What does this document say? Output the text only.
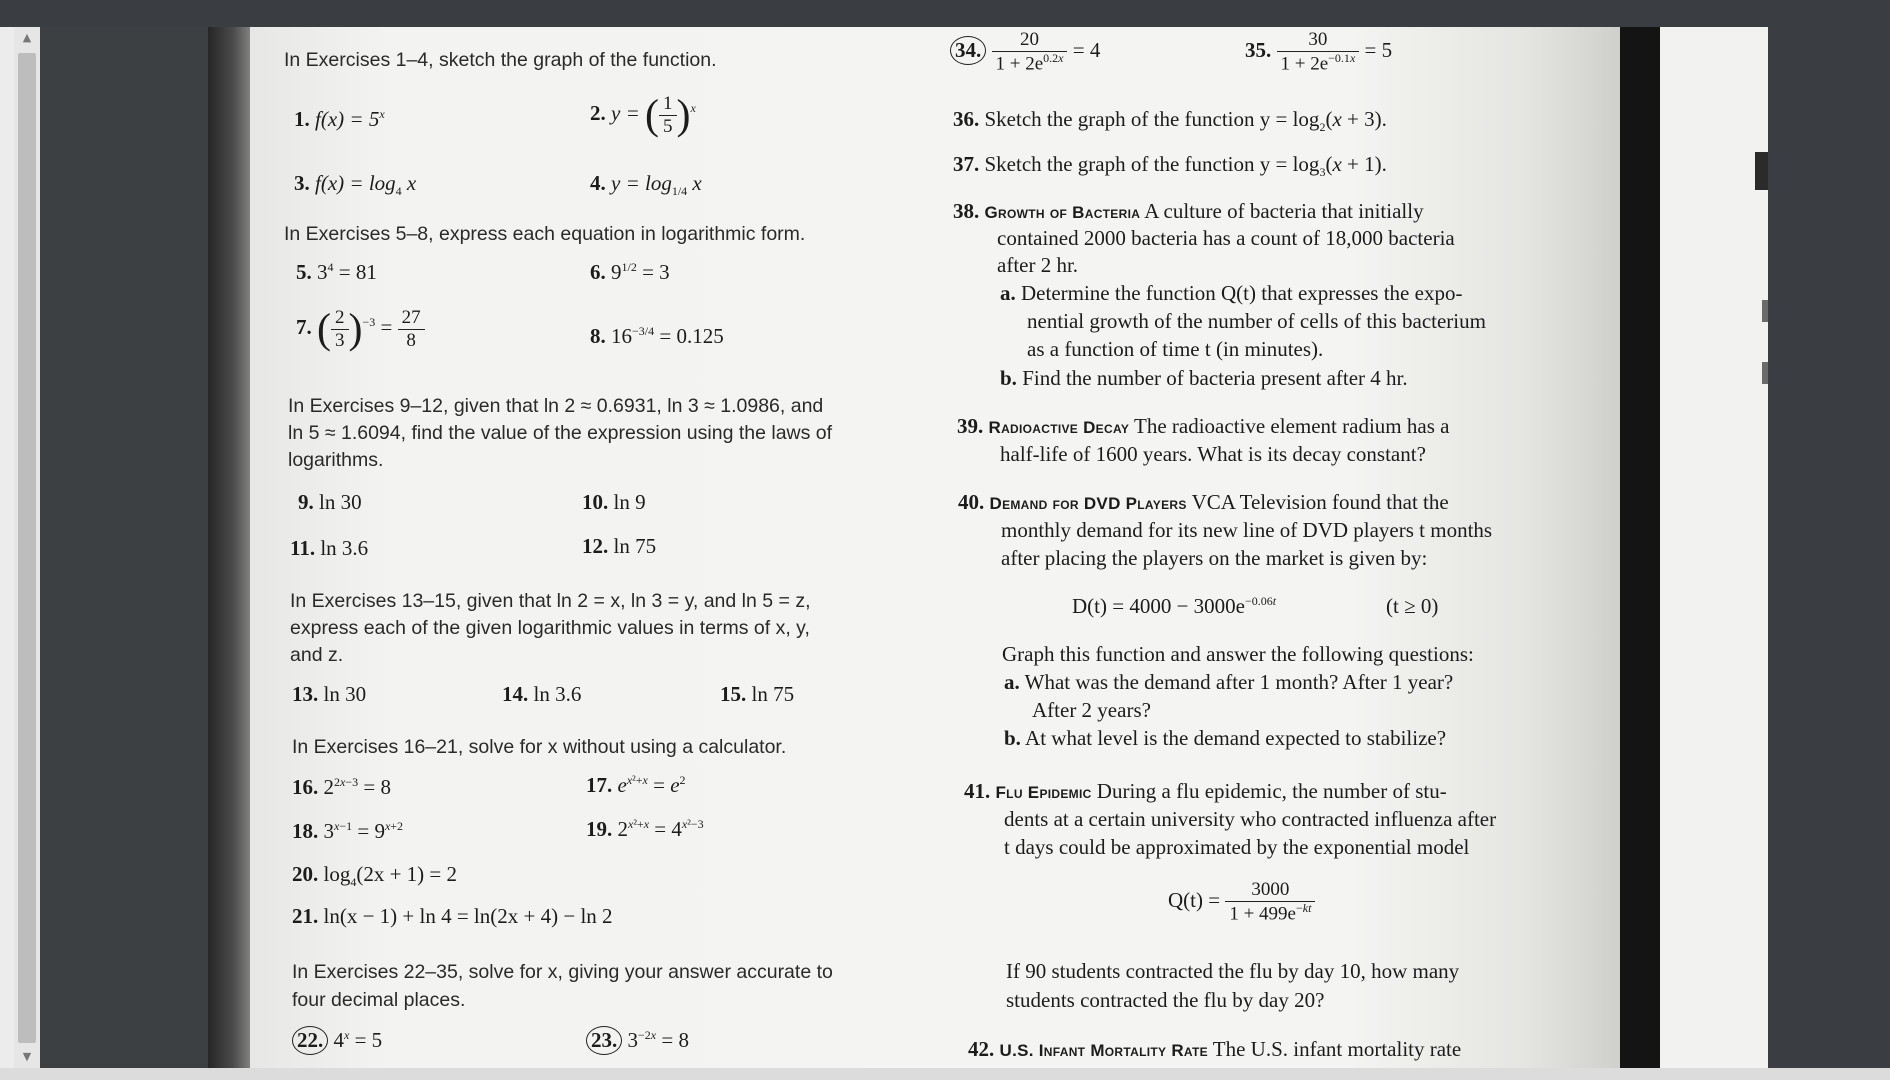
▲
▼
In Exercises 1–4, sketch the graph of the function.
1. $f(x) = 5^x$	2. y = ( $\frac{1}{5} )^x$
3. $f(x) = \log_4 x$	4. $y = \log_{1/4} x$
In Exercises 5–8, express each equation in logarithmic form.
5. $3^4 = 81$	6. $9^{1/2} = 3$
7. ( $\frac{2}{3} )^{-3} = \frac{27}{8}$	8. $16^{-3/4} = 0.125$
In Exercises 9–12, given that ln 2 ≈ 0.6931, ln 3 ≈ 1.0986, and
ln 5 ≈ 1.6094, find the value of the expression using the laws of
logarithms.
9. ln 30	10. ln 9
11. ln 3.6	12. ln 75
In Exercises 13–15, given that ln 2 = x, ln 3 = y, and ln 5 = z,
express each of the given logarithmic values in terms of x, y,
and z.
13. ln 30	14. ln 3.6	15. ln 75
In Exercises 16–21, solve for x without using a calculator.
16. $2^{2x-3} = 8$	17. $e^{x^2+x} = e^2$
18. $3^{x-1} = 9^{x+2}$	19. $2^{x^2+x} = 4^{x^2-3}$
20. $\log_4(2x + 1) = 2$
21. ln(x − 1) + ln 4 = ln(2x + 4) − ln 2
In Exercises 22–35, solve for x, giving your answer accurate to
four decimal places.
22. $4^x = 5$	23. $3^{-2x} = 8$
34. $\frac{20}{1 + 2e^{0.2x}} = 4$	35. $\frac{30}{1 + 2e^{-0.1x}} = 5$
36. Sketch the graph of the function $y = \log_2(x + 3)$.
37. Sketch the graph of the function $y = \log_3(x + 1)$.
38. Growth of Bacteria A culture of bacteria that initially
contained 2000 bacteria has a count of 18,000 bacteria
after 2 hr.
a. Determine the function Q(t) that expresses the expo-
nential growth of the number of cells of this bacterium
as a function of time t (in minutes).
b. Find the number of bacteria present after 4 hr.
39. Radioactive Decay The radioactive element radium has a
half-life of 1600 years. What is its decay constant?
40. Demand for DVD Players VCA Television found that the
monthly demand for its new line of DVD players t months
after placing the players on the market is given by:
$D(t) = 4000 - 3000e^{-0.06t}$	(t ≥ 0)
Graph this function and answer the following questions:
a. What was the demand after 1 month? After 1 year?
After 2 years?
b. At what level is the demand expected to stabilize?
41. Flu Epidemic During a flu epidemic, the number of stu-
dents at a certain university who contracted influenza after
t days could be approximated by the exponential model
$Q(t) = \frac{3000}{1 + 499e^{-kt}}$
If 90 students contracted the flu by day 10, how many
students contracted the flu by day 20?
42. U.S. Infant Mortality Rate The U.S. infant mortality rate
